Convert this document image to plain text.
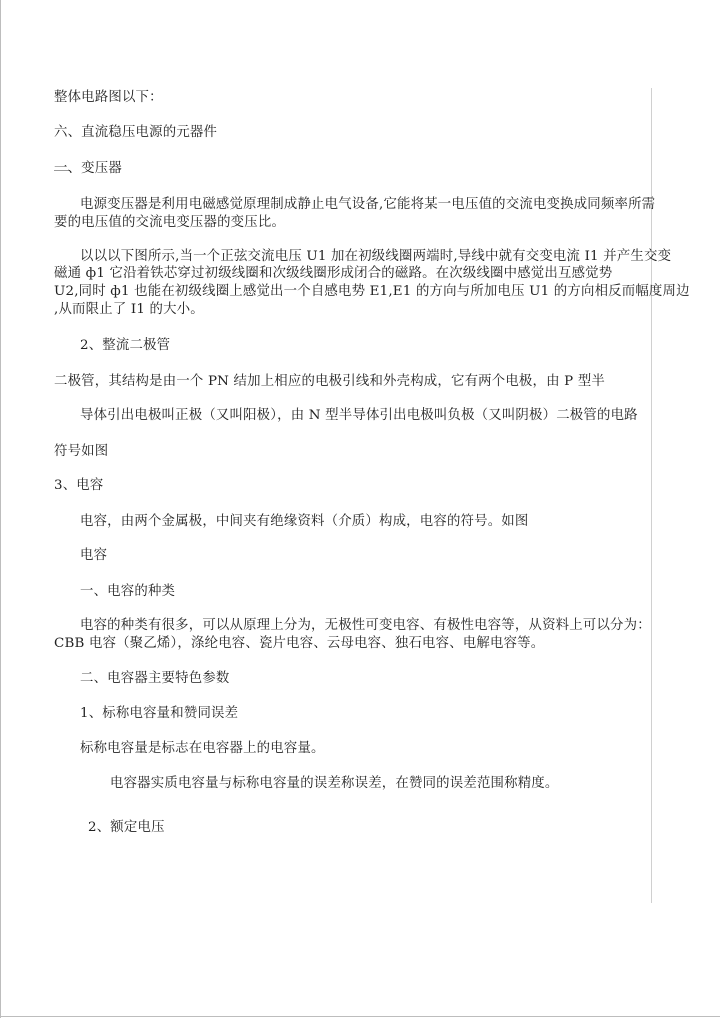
整体电路图以下：

六、直流稳压电源的元器件

一、变压器

电源变压器是利用电磁感觉原理制成静止电气设备,它能将某一电压值的交流电变换成同频率所需

要的电压值的交流电变压器的变压比。

以以以下图所示,当一个正弦交流电压 U1 加在初级线圈两端时,导线中就有交变电流 I1 并产生交变

磁通 ф1 它沿着铁芯穿过初级线圈和次级线圈形成闭合的磁路。在次级线圈中感觉出互感觉势

U2,同时 ф1 也能在初级线圈上感觉出一个自感电势 E1,E1 的方向与所加电压 U1 的方向相反而幅度周边

,从而限止了 I1 的大小。

2、整流二极管

二极管，其结构是由一个 PN 结加上相应的电极引线和外壳构成，它有两个电极，由 P 型半

导体引出电极叫正极（又叫阳极），由 N 型半导体引出电极叫负极（又叫阴极）二极管的电路

符号如图

3、电容

电容，由两个金属极，中间夹有绝缘资料（介质）构成，电容的符号。如图

电容

一、电容的种类

电容的种类有很多，可以从原理上分为，无极性可变电容、有极性电容等，从资料上可以分为：

CBB 电容（聚乙烯），涤纶电容、瓷片电容、云母电容、独石电容、电解电容等。

二、电容器主要特色参数

1、标称电容量和赞同误差

标称电容量是标志在电容器上的电容量。

电容器实质电容量与标称电容量的误差称误差，在赞同的误差范围称精度。

2、额定电压
